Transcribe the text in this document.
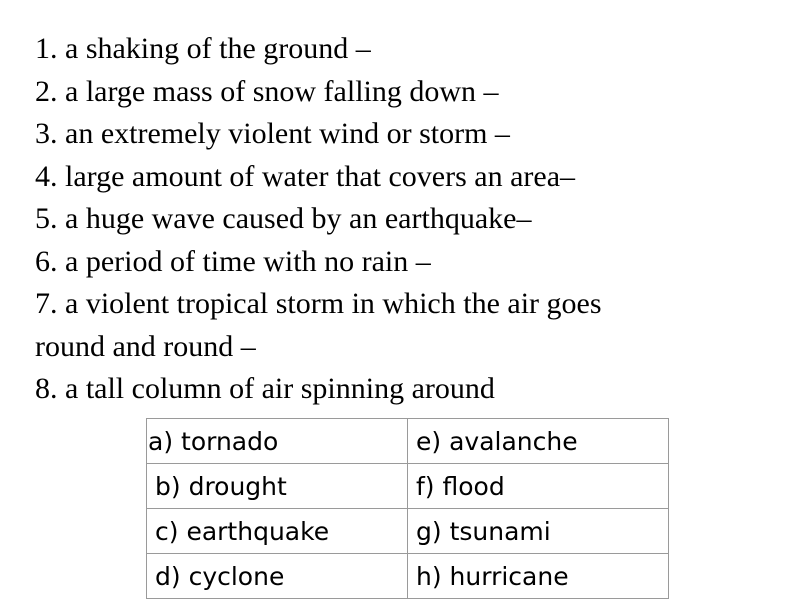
1. a shaking of the ground –
2. a large mass of snow falling down –
3. an extremely violent wind or storm –
4. large amount of water that covers an area–
5. a huge wave caused by an earthquake–
6. a period of time with no rain –
7. a violent tropical storm in which the air goes
round and round –
8. a tall column of air spinning around
a) tornado	e) avalanche
b) drought	f) flood
c) earthquake	g) tsunami
d) cyclone	h) hurricane
